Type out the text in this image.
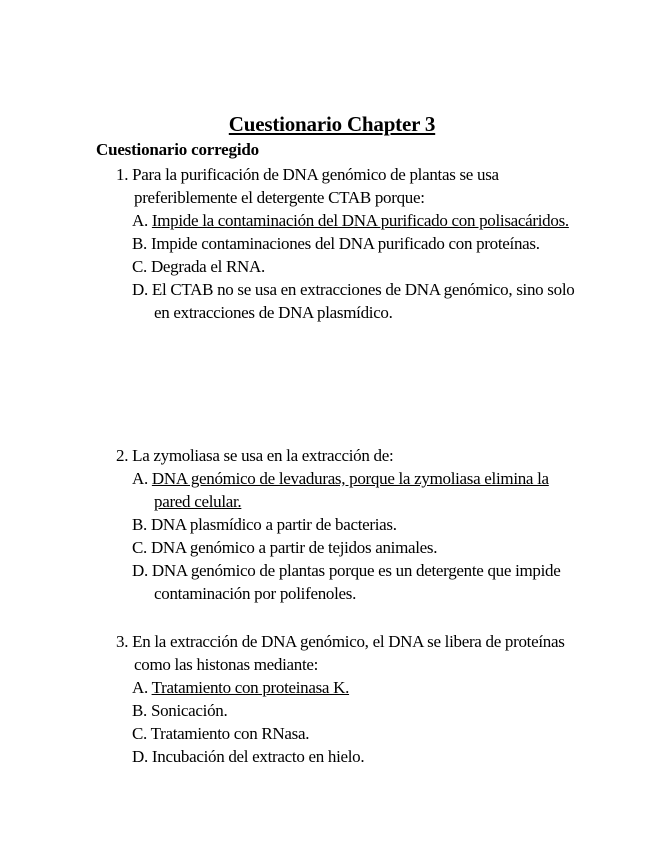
Cuestionario Chapter 3
Cuestionario corregido
1. Para la purificación de DNA genómico de plantas se usa preferiblemente el detergente CTAB porque:
A. Impide la contaminación del DNA purificado con polisacáridos.
B. Impide contaminaciones del DNA purificado con proteínas.
C. Degrada el RNA.
D. El CTAB no se usa en extracciones de DNA genómico, sino solo en extracciones de DNA plasmídico.
2. La zymoliasa se usa en la extracción de:
A. DNA genómico de levaduras, porque la zymoliasa elimina la pared celular.
B. DNA plasmídico a partir de bacterias.
C. DNA genómico a partir de tejidos animales.
D. DNA genómico de plantas porque es un detergente que impide contaminación por polifenoles.
3. En la extracción de DNA genómico, el DNA se libera de proteínas como las histonas mediante:
A. Tratamiento con proteinasa K.
B. Sonicación.
C. Tratamiento con RNasa.
D. Incubación del extracto en hielo.
